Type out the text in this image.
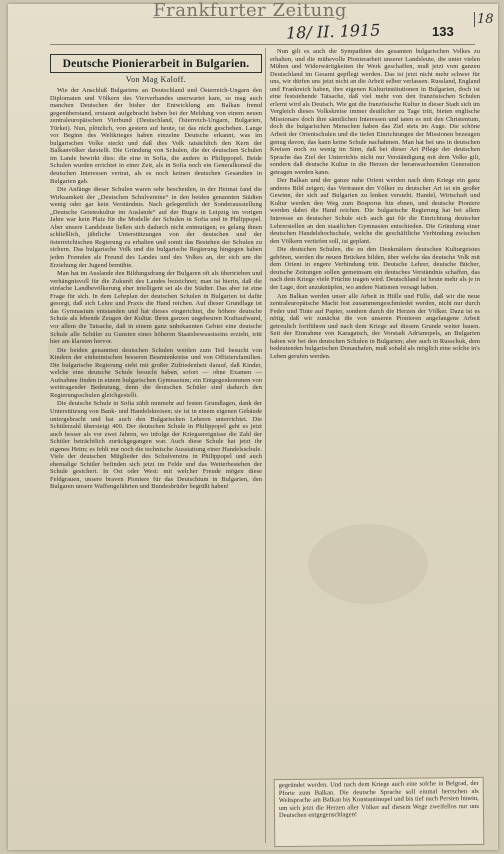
Frankfurter Zeitung
18/ II. 1915	133
18
Deutsche Pionierarbeit in Bulgarien.
Von Mag Kaloff.

Wie der Anschluß Bulgariens an Deutschland und Österreich-Ungarn den Diplomaten und Völkern des Vierverbandes unerwartet kam, so mag auch manchen Deutschen der bisher der Entwicklung am Balkan fremd gegenüberstand, erstaunt aufgebracht haben bei der Meldung von einem neuen zentraleuropäischen Vierbund (Deutschland, Österreich-Ungarn, Bulgarien, Türkei). Nun, plötzlich, von gestern auf heute, ist das nicht geschehen. Lange vor Beginn des Weltkrieges haben einzelne Deutsche erkannt, was im bulgarischen Volke steckt und daß dies Volk tatsächlich den Kern der Balkanvölker darstellt. Die Gründung von Schulen, die der deutschen Schulen im Lande bewirkt dies: die eine in Sofia, die andere in Philippopel. Beide Schulen wurden errichtet in einer Zeit, als in Sofia noch ein Generalkonsul die deutschen Interessen vertrat, als es noch keinen deutschen Gesandten in Bulgarien gab.

Die Anfänge dieser Schulen waren sehr bescheiden, in der Heimat fand die Wirksamkeit der „Deutschen Schulvereine“ in den beiden genannten Städten wenig oder gar kein Verständnis. Nach gelegentlich der Sonderausstellung „Deutsche Geisteskultur im Auslande“ auf der Bugra in Leipzig im vorigen Jahre war kein Platz für die Modelle der Schulen in Sofia und in Philippopel. Aber unsere Landsleute ließen sich dadurch nicht entmutigen; es gelang ihnen schließlich, jährliche Unterstützungen von der deutschen und der österreichischen Regierung zu erhalten und somit das Bestehen der Schulen zu sichern. Das bulgarische Volk und die bulgarische Regierung hingegen haben jeden Fremden als Freund des Landes und des Volkes an, der sich um die Erziehung der Jugend bemühte.

Man hat im Auslande den Bildungsdrang der Bulgaren oft als übertrieben und verhängnisvoll für die Zukunft des Landes bezeichnet; man ist hierin, daß die einfache Landbevölkerung eher intelligent sei als die Städter. Das aber ist eine Frage für sich. In dem Lehrplan der deutschen Schulen in Bulgarien ist dafür gesorgt, daß sich Lehre und Praxis die Hand reichen. Auf dieser Grundlage ist das Gymnasium entstanden und hat dieses eingerichtet, die höhere deutsche Schule als lebende Zeugen der Kultur. Ihren ganzen ungeheuren Kraftaufwand, vor allem die Tatsache, daß in einem ganz unbekannten Gebiet eine deutsche Schule alle Schüler zu Gunsten eines höheren Staatsbewusstseins erzieht, tritt hier am klarsten hervor.

Die beiden genannten deutschen Schulen werden zum Teil besucht von Kindern der einheimischen besseren Beamtenkreise und von Offiziersfamilien. Die bulgarische Regierung sieht mit großer Zufriedenheit darauf, daß Kinder, welche eine deutsche Schule besucht haben, sofort — ohne Examen — Aufnahme finden in einem bulgarischen Gymnasium; ein Entgegenkommen von weittragender Bedeutung, denn die deutschen Schüler sind dadurch den Regierungsschulen gleichgestellt.

Die deutsche Schule in Sofia zählt nunmehr auf festen Grundlagen, dank der Unterstützung von Bank- und Handelskreisen; sie ist in einem eigenen Gebäude untergebracht und hat auch den Bulgarischen Lehrern unterrichtet. Die Schülerzahl übersteigt 400. Der deutschen Schule in Philippopel geht es jetzt auch besser als vor zwei Jahren, wo infolge der Kriegsereignisse die Zahl der Schüler beträchtlich zurückgegangen war. Auch diese Schule hat jetzt ihr eigenes Heim; es fehlt nur noch die technische Ausstattung einer Handelsschule. Viele der deutschen Mitglieder des Schulvereins in Philippopel und auch ehemalige Schüler befinden sich jetzt im Felde und das Weiterbestehen der Schule gesichert. In Ost oder West: mit welcher Freude mögen diese Feldgrauen, unsere braven Pioniere für das Deutschtum in Bulgarien, den Bulgaren unsere Waffengefährten und Bundesbrüder begrüßt haben!

Nun gilt es auch die Sympathien des gesamten bulgarischen Volkes zu erhalten, und die mühevolle Pionierarbeit unserer Landsleute, die unter vielen Mühen und Widerwärtigkeiten ihr Werk geschaffen, muß jetzt vom ganzen Deutschland im Gesamt gepflegt werden. Das ist jetzt nicht mehr schwer für uns, wir dürfen uns jetzt nicht an die Arbeit selber verlassen. Russland, England und Frankreich haben, ihre eigenen Kulturinstitutionen in Bulgarien, doch ist eine feststehende Tatsache, daß viel mehr von den französischen Schulen erlernt wird als Deutsch. Wie gut die französische Kultur in dieser Stadt sich im Vergleich dieses Volkskreise immer deutlicher zu Tage tritt, bieten englische Missionare doch ihre sämtlichen Interessen und taten es mit den Christentum, doch die bulgarischen Menschen haben das Ziel stets im Auge. Die schöne Arbeit der Orientschulen und die tiefen Einrichtungen der Missionen bezeugen genug davon, das kann keine Schule nachahmen. Man hat bei uns in deutschen Kreisen noch zu wenig im Sinn, daß bei dieser Art Pflege der deutschen Sprache das Ziel der Unterrichts nicht nur Verständigung mit dem Volke gilt, sondern daß deutsche Kultur in die Herzen der heranwachsenden Generation getragen werden kann.

Der Balkan und der ganze nahe Orient werden nach dem Kriege ein ganz anderes Bild zeigen; das Vertrauen der Völker zu deutscher Art ist ein großer Gewinn, der sich auf Bulgarien zu lenken versteht. Handel, Wirtschaft und Kultur werden den Weg zum Bosporus hin ebnen, und deutsche Pioniere werden dabei die Hand reichen. Die bulgarische Regierung hat bei allem Interesse an deutscher Schule sich auch gut für die Einrichtung deutscher Lehrerstellen an den staatlichen Gymnasien entschieden. Die Gründung einer deutschen Handelshochschule, welche die geschäftliche Verbindung zwischen den Völkern vertiefen soll, ist geplant.

Die deutschen Schulen, die zu den Denkmälern deutschen Kulturgeistes gehören, werden die neuen Brücken bilden, über welche das deutsche Volk mit dem Orient in engere Verbindung tritt. Deutsche Lehrer, deutsche Bücher, deutsche Zeitungen sollen gemeinsam ein deutsches Verständnis schaffen, das nach dem Kriege viele Früchte tragen wird. Deutschland ist heute mehr als je in der Lage, dort anzuknüpfen, wo andere Nationen versagt haben.

Am Balkan werden unser alle Arbeit in Hülle und Fülle, daß wir die neue zentraleuropäische Macht fest zusammengeschmiedet werden, nicht nur durch Feder und Tinte auf Papier, sondern durch die Herzen der Völker. Dazu ist es nötig, daß wir zunächst die von unseren Pionieren angefangene Arbeit getreulich fortführen und nach dem Kriege auf diesem Grunde weiter bauen. Seit der Einnahme von Karagatsch, der Vorstadt Adrianopels, an Bulgarien haben wir bei den deutschen Schulen in Bulgarien; aber auch in Russchuk, dem bedeutenden bulgarischen Donauhafen, muß sobald als möglich eine solche in's Leben gerufen werden.

gegründet werden. Und nach dem Kriege auch eine solche in Belgrad, der Pforte zum Balkan. Die deutsche Sprache soll einmal herrschen als Weltsprache am Balkan bis Konstantinopel und bis tief nach Persien hinein, um sich jetzt die Herzen aller Völker auf diesem Wege zweifellos nur uns Deutschen entgegenschlagen!
